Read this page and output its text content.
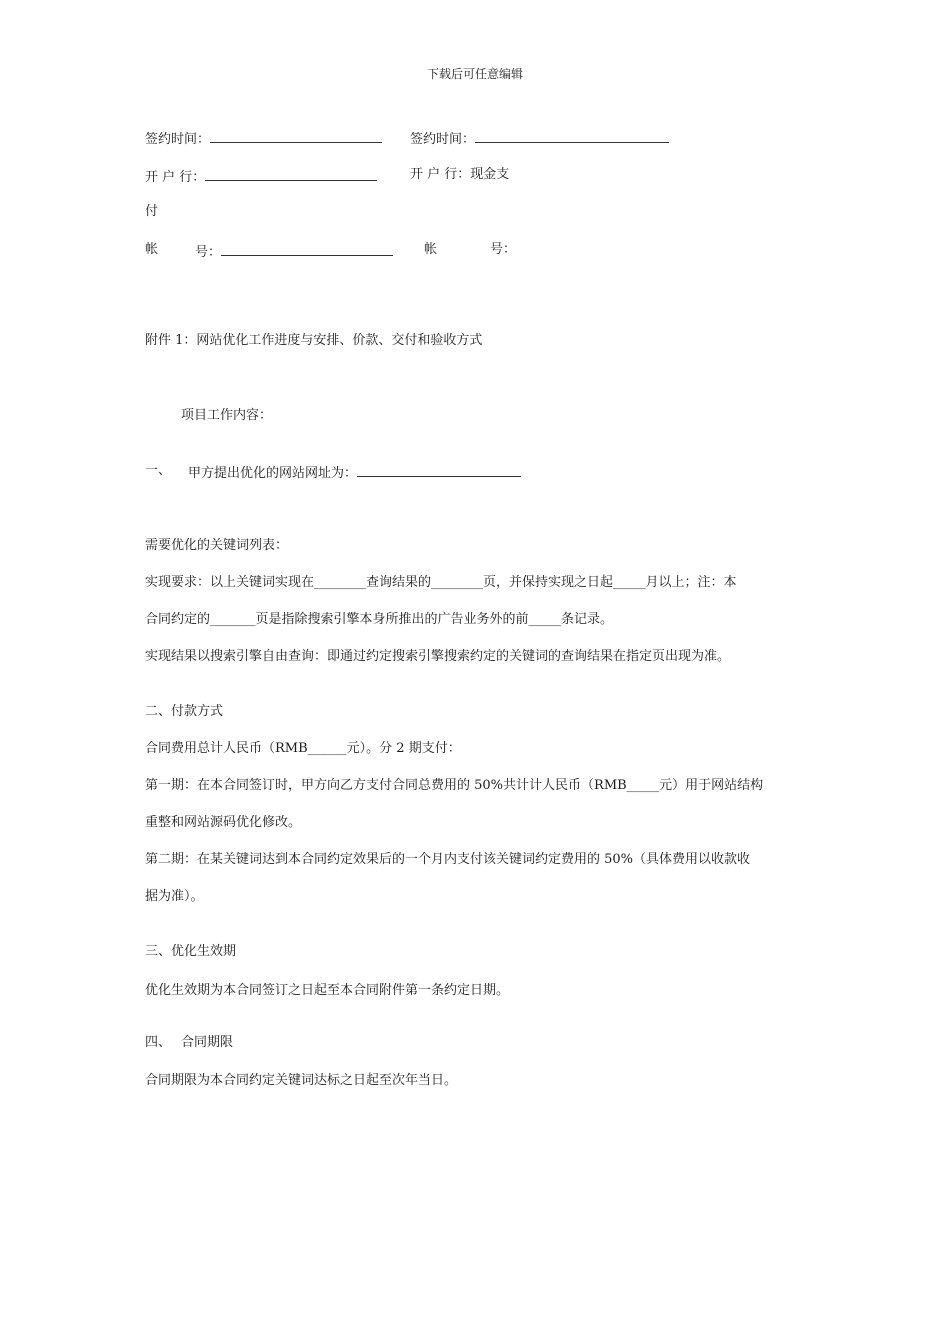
下载后可任意编辑
签约时间：	签约时间：
开 户 行：	开 户 行：现金支
付
帐	号：	帐	号：
附件 1：网站优化工作进度与安排、价款、交付和验收方式
项目工作内容：
一、 甲方提出优化的网站网址为：
需要优化的关键词列表：
实现要求：以上关键词实现在________查询结果的________页，并保持实现之日起_____月以上；注：本
合同约定的_______页是指除搜索引擎本身所推出的广告业务外的前_____条记录。
实现结果以搜索引擎自由查询：即通过约定搜索引擎搜索约定的关键词的查询结果在指定页出现为准。
二、付款方式
合同费用总计人民币（RMB______元）。分 2 期支付：
第一期：在本合同签订时，甲方向乙方支付合同总费用的 50%共计计人民币（RMB_____元）用于网站结构
重整和网站源码优化修改。
第二期：在某关键词达到本合同约定效果后的一个月内支付该关键词约定费用的 50%（具体费用以收款收
据为准）。
三、优化生效期
优化生效期为本合同签订之日起至本合同附件第一条约定日期。
四、 合同期限
合同期限为本合同约定关键词达标之日起至次年当日。
